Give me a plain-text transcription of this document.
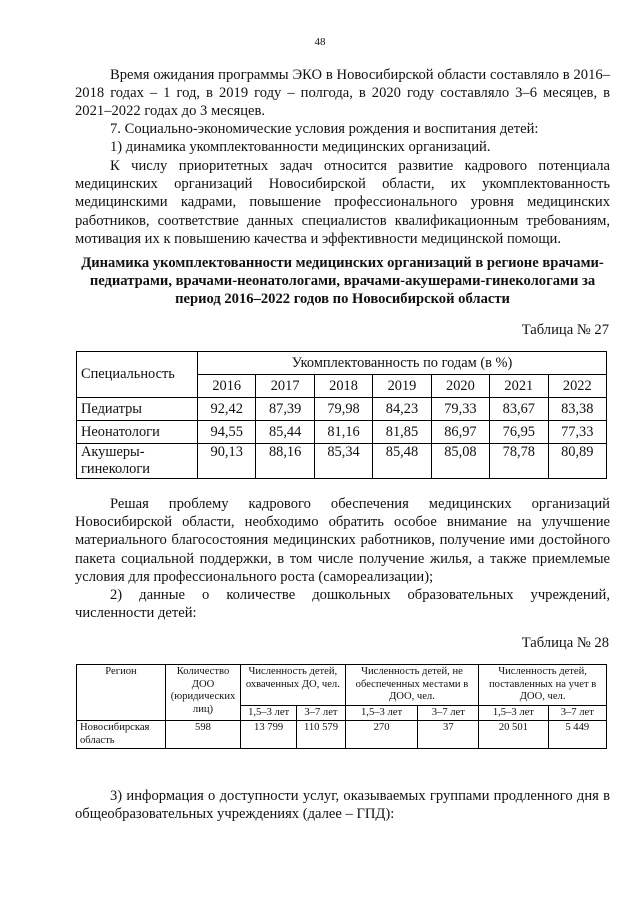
48

Время ожидания программы ЭКО в Новосибирской области составляло в 2016–2018 годах – 1 год, в 2019 году – полгода, в 2020 году составляло 3–6 месяцев, в 2021–2022 годах до 3 месяцев.

7. Социально-экономические условия рождения и воспитания детей:

1) динамика укомплектованности медицинских организаций.

К числу приоритетных задач относится развитие кадрового потенциала медицинских организаций Новосибирской области, их укомплектованность медицинскими кадрами, повышение профессионального уровня медицинских работников, соответствие данных специалистов квалификационным требованиям, мотивация их к повышению качества и эффективности медицинской помощи.

Динамика укомплектованности медицинских организаций в регионе врачами-педиатрами, врачами-неонатологами, врачами-акушерами-гинекологами за период 2016–2022 годов по Новосибирской области
Таблица № 27
Специальность	Укомплектованность по годам (в %)						
	2016	2017	2018	2019	2020	2021	2022
Педиатры	92,42	87,39	79,98	84,23	79,33	83,67	83,38
Неонатологи	94,55	85,44	81,16	81,85	86,97	76,95	77,33
Акушеры-гинекологи	90,13	88,16	85,34	85,48	85,08	78,78	80,89

Решая проблему кадрового обеспечения медицинских организаций Новосибирской области, необходимо обратить особое внимание на улучшение материального благосостояния медицинских работников, получение ими достойного пакета социальной поддержки, в том числе получение жилья, а также приемлемые условия для профессионального роста (самореализации);

2) данные о количестве дошкольных образовательных учреждений, численности детей:

Таблица № 28
Регион	Количество ДОО (юридических лиц)	Численность детей, охваченных ДО, чел.		Численность детей, не обеспеченных местами в ДОО, чел.		Численность детей, поставленных на учет в ДОО, чел.	
		1,5–3 лет	3–7 лет	1,5–3 лет	3–7 лет	1,5–3 лет	3–7 лет
Новосибирская область	598	13 799	110 579	270	37	20 501	5 449

3) информация о доступности услуг, оказываемых группами продленного дня в общеобразовательных учреждениях (далее – ГПД):
